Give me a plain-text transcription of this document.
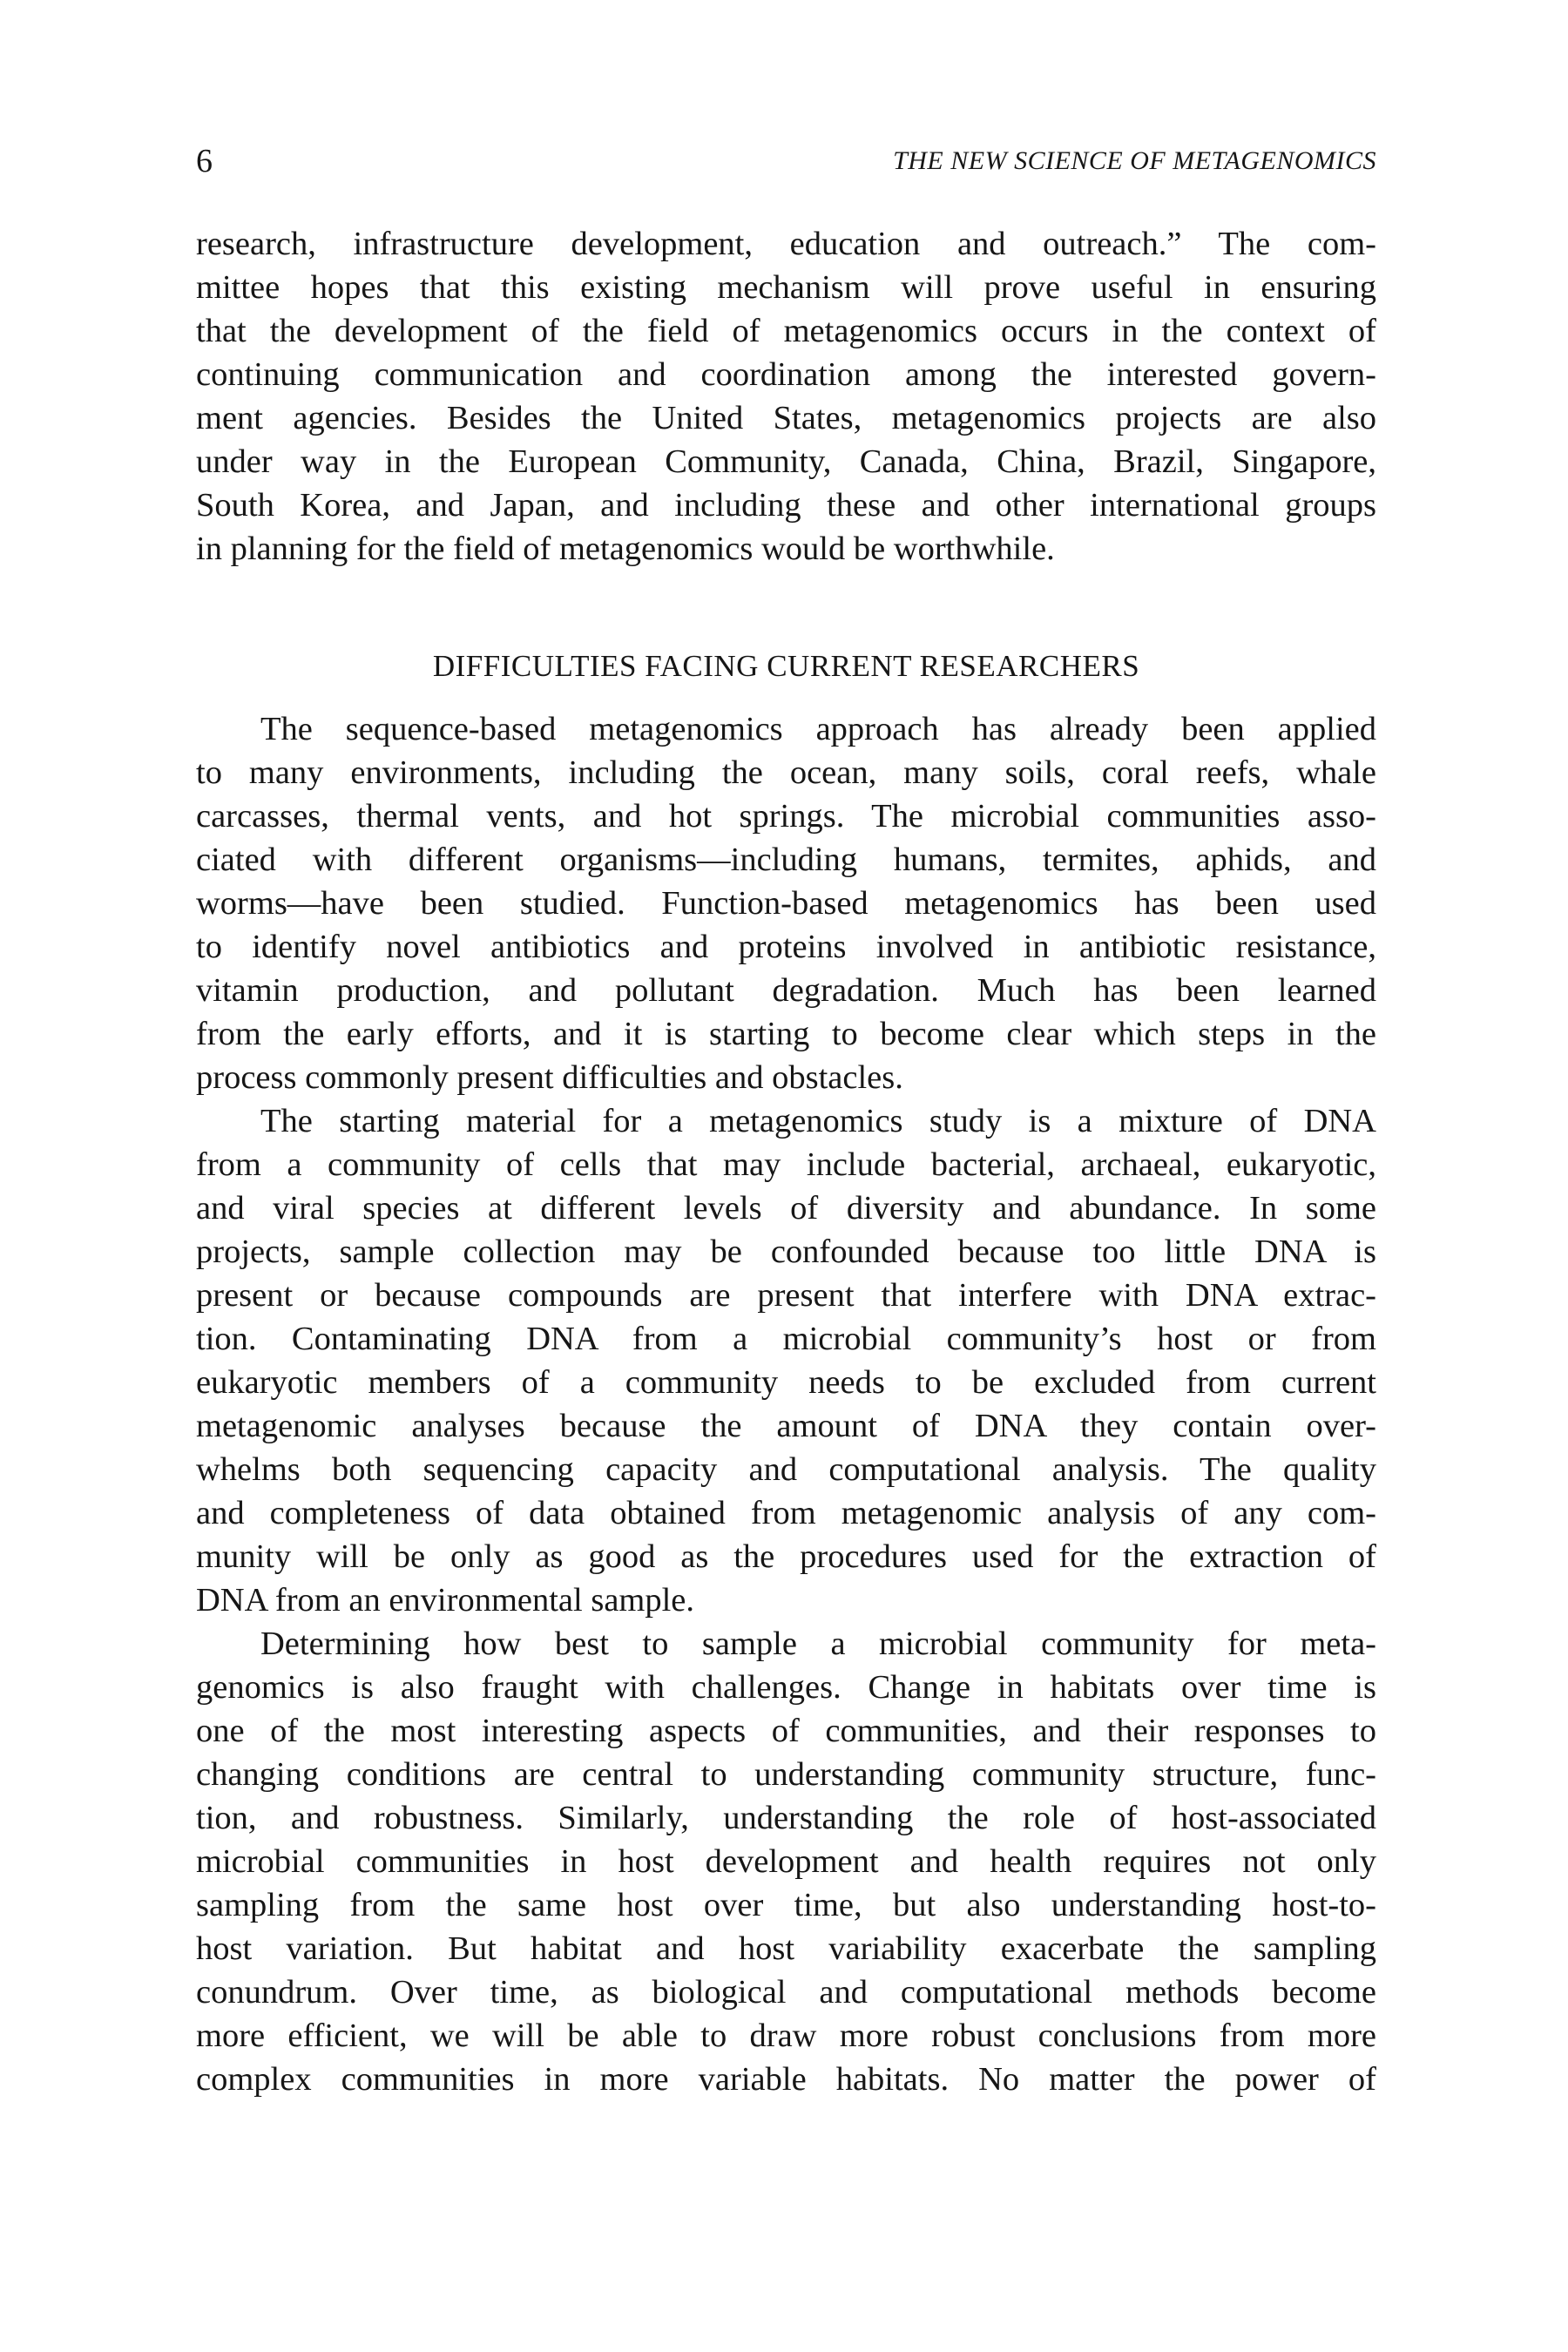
6	THE NEW SCIENCE OF METAGENOMICS
research, infrastructure development, education and outreach.” The com-
mittee hopes that this existing mechanism will prove useful in ensuring
that the development of the field of metagenomics occurs in the context of
continuing communication and coordination among the interested govern-
ment agencies. Besides the United States, metagenomics projects are also
under way in the European Community, Canada, China, Brazil, Singapore,
South Korea, and Japan, and including these and other international groups
in planning for the field of metagenomics would be worthwhile.
DIFFICULTIES FACING CURRENT RESEARCHERS
The sequence-based metagenomics approach has already been applied
to many environments, including the ocean, many soils, coral reefs, whale
carcasses, thermal vents, and hot springs. The microbial communities asso-
ciated with different organisms—including humans, termites, aphids, and
worms—have been studied. Function-based metagenomics has been used
to identify novel antibiotics and proteins involved in antibiotic resistance,
vitamin production, and pollutant degradation. Much has been learned
from the early efforts, and it is starting to become clear which steps in the
process commonly present difficulties and obstacles.
The starting material for a metagenomics study is a mixture of DNA
from a community of cells that may include bacterial, archaeal, eukaryotic,
and viral species at different levels of diversity and abundance. In some
projects, sample collection may be confounded because too little DNA is
present or because compounds are present that interfere with DNA extrac-
tion. Contaminating DNA from a microbial community’s host or from
eukaryotic members of a community needs to be excluded from current
metagenomic analyses because the amount of DNA they contain over-
whelms both sequencing capacity and computational analysis. The quality
and completeness of data obtained from metagenomic analysis of any com-
munity will be only as good as the procedures used for the extraction of
DNA from an environmental sample.
Determining how best to sample a microbial community for meta-
genomics is also fraught with challenges. Change in habitats over time is
one of the most interesting aspects of communities, and their responses to
changing conditions are central to understanding community structure, func-
tion, and robustness. Similarly, understanding the role of host-associated
microbial communities in host development and health requires not only
sampling from the same host over time, but also understanding host-to-
host variation. But habitat and host variability exacerbate the sampling
conundrum. Over time, as biological and computational methods become
more efficient, we will be able to draw more robust conclusions from more
complex communities in more variable habitats. No matter the power of
